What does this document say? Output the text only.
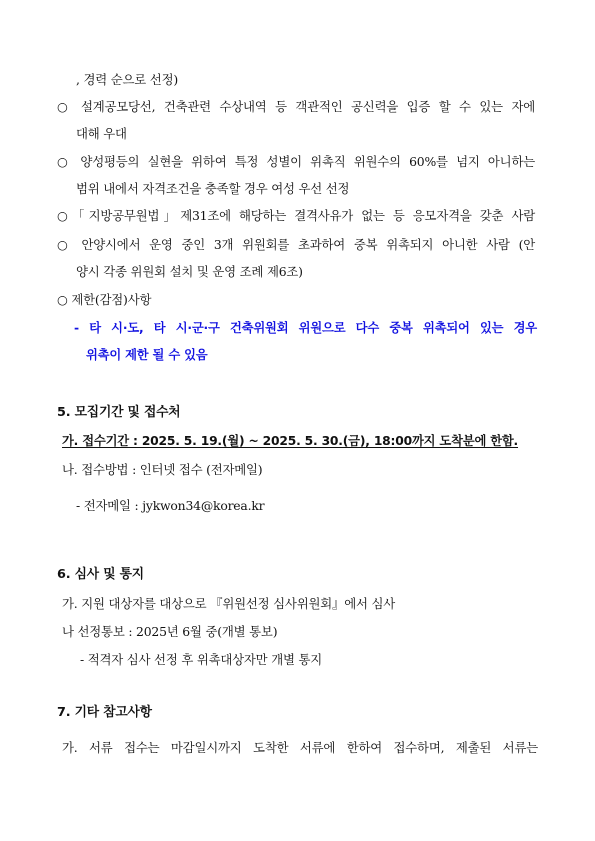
, 경력 순으로 선정)
○ 설계공모당선, 건축관련 수상내역 등 객관적인 공신력을 입증 할 수 있는 자에
대해 우대
○ 양성평등의 실현을 위하여 특정 성별이 위촉직 위원수의 60%를 넘지 아니하는
범위 내에서 자격조건을 충족할 경우 여성 우선 선정
○「지방공무원법」제31조에 해당하는 결격사유가 없는 등 응모자격을 갖춘 사람
○ 안양시에서 운영 중인 3개 위원회를 초과하여 중복 위촉되지 아니한 사람 (안
양시 각종 위원회 설치 및 운영 조례 제6조)
○ 제한(감점)사항
- 타 시·도, 타 시·군·구 건축위원회 위원으로 다수 중복 위촉되어 있는 경우
위촉이 제한 될 수 있음
5. 모집기간 및 접수처
가. 접수기간 : 2025. 5. 19.(월) ~ 2025. 5. 30.(금), 18:00까지 도착분에 한함.
나. 접수방법 : 인터넷 접수 (전자메일)
- 전자메일 : jykwon34@korea.kr
6. 심사 및 통지
가. 지원 대상자를 대상으로 『위원선정 심사위원회』에서 심사
나 선정통보 : 2025년 6월 중(개별 통보)
- 적격자 심사 선정 후 위촉대상자만 개별 통지
7. 기타 참고사항
가. 서류 접수는 마감일시까지 도착한 서류에 한하여 접수하며, 제출된 서류는
